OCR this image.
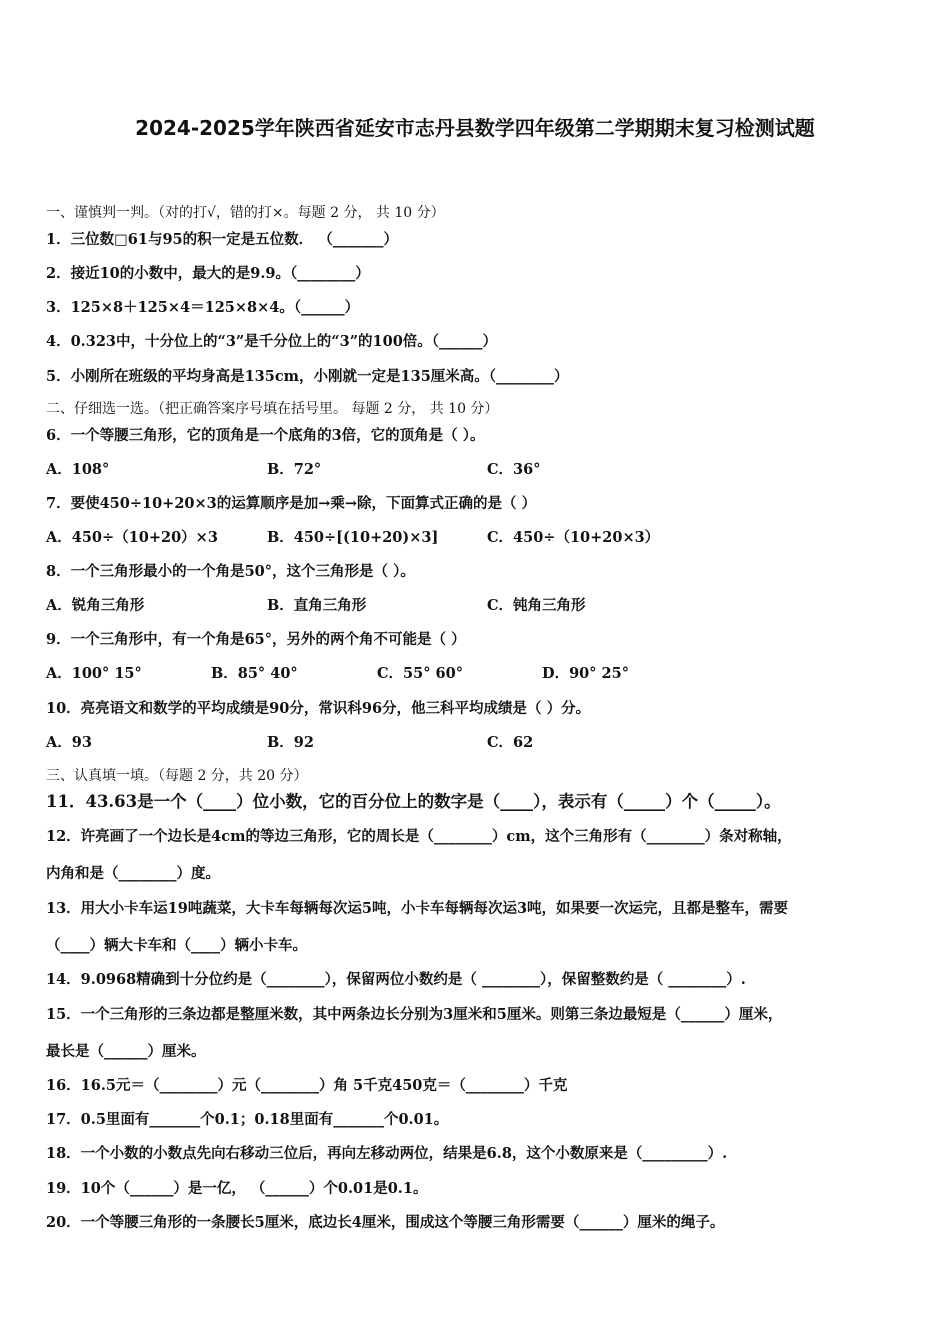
2024-2025学年陕西省延安市志丹县数学四年级第二学期期末复习检测试题
一、谨慎判一判。（对的打√，错的打×。每题 2 分， 共 10 分）
1．三位数□61与95的积一定是五位数． （_______）
2．接近10的小数中，最大的是9.9。（________）
3．125×8＋125×4＝125×8×4。（______）
4．0.323中，十分位上的“3”是千分位上的“3”的100倍。（______）
5．小刚所在班级的平均身高是135cm，小刚就一定是135厘米高。（________）
二、仔细选一选。（把正确答案序号填在括号里。 每题 2 分， 共 10 分）
6．一个等腰三角形，它的顶角是一个底角的3倍，它的顶角是（ ）。
A．108°	B．72°	C．36°
7．要使450÷10+20×3的运算顺序是加→乘→除，下面算式正确的是（ ）
A．450÷（10+20）×3	B．450÷[(10+20)×3]	C．450÷（10+20×3）
8．一个三角形最小的一个角是50°，这个三角形是（ ）。
A．锐角三角形	B．直角三角形	C．钝角三角形
9．一个三角形中，有一个角是65°，另外的两个角不可能是（ ）
A．100° 15°	B．85° 40°	C．55° 60°	D．90° 25°
10．亮亮语文和数学的平均成绩是90分，常识科96分，他三科平均成绩是（ ）分。
A．93	B．92	C．62
三、认真填一填。（每题 2 分，共 20 分）
11．43.63是一个（____）位小数，它的百分位上的数字是（____），表示有（_____）个（_____）。
12．许亮画了一个边长是4cm的等边三角形，它的周长是（________）cm，这个三角形有（________）条对称轴，
内角和是（________）度。
13．用大小卡车运19吨蔬菜，大卡车每辆每次运5吨，小卡车每辆每次运3吨，如果要一次运完，且都是整车，需要
（____）辆大卡车和（____）辆小卡车。
14．9.0968精确到十分位约是（________），保留两位小数约是（ ________），保留整数约是（ ________）.
15．一个三角形的三条边都是整厘米数，其中两条边长分别为3厘米和5厘米。则第三条边最短是（______）厘米，
最长是（______）厘米。
16．16.5元＝（________）元（________）角 5千克450克＝（________）千克
17．0.5里面有_______个0.1；0.18里面有_______个0.01。
18．一个小数的小数点先向右移动三位后，再向左移动两位，结果是6.8，这个小数原来是（_________）.
19．10个（______）是一亿， （______）个0.01是0.1。
20．一个等腰三角形的一条腰长5厘米，底边长4厘米，围成这个等腰三角形需要（______）厘米的绳子。
